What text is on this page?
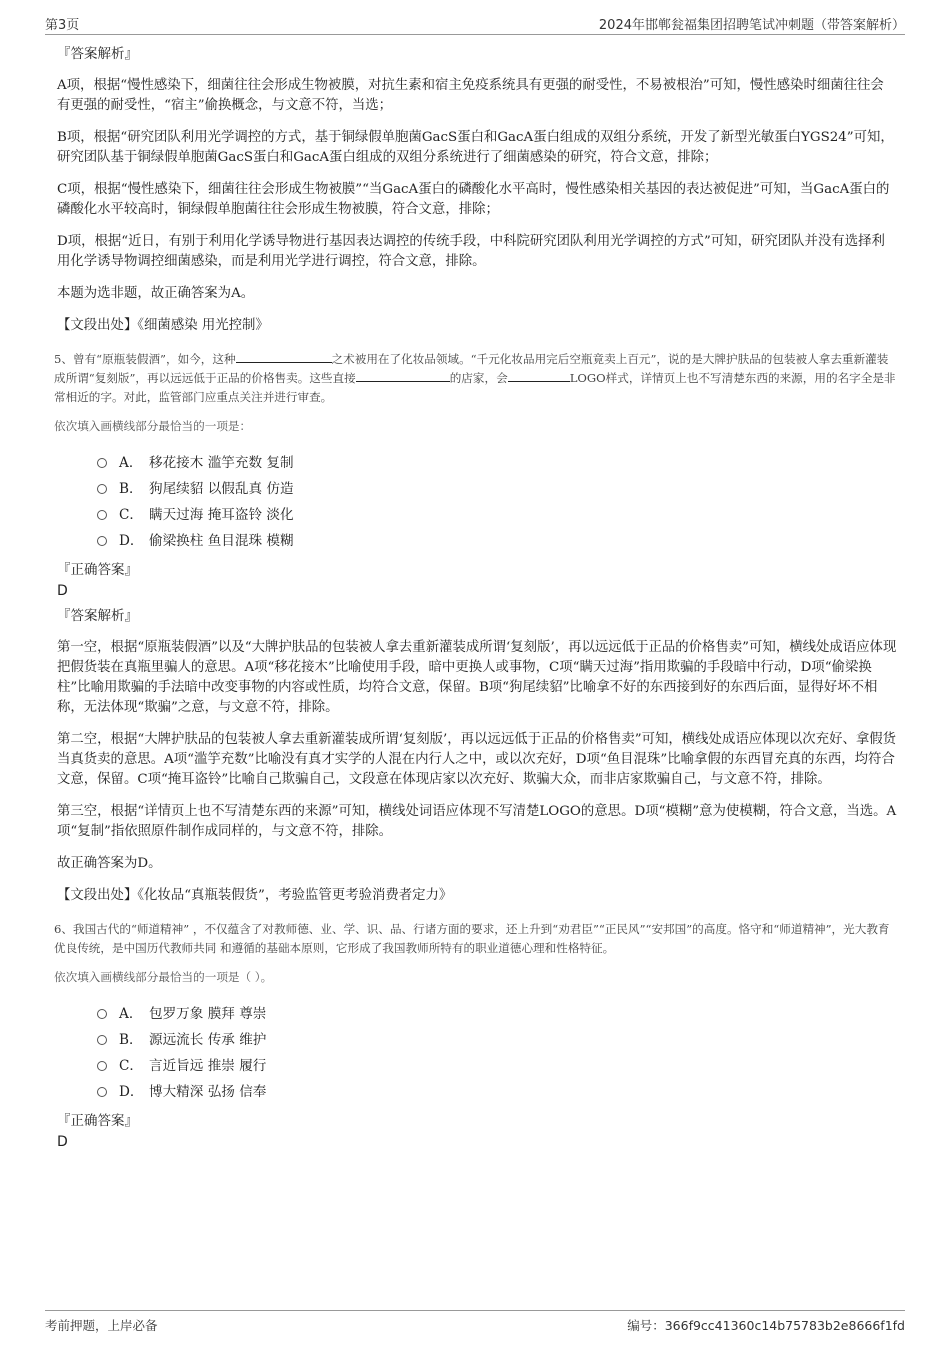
第3页	2024年邯郸瓮福集团招聘笔试冲刺题（带答案解析）
『答案解析』

A项，根据“慢性感染下，细菌往往会形成生物被膜，对抗生素和宿主免疫系统具有更强的耐受性，不易被根治”可知，慢性感染时细菌往往会有更强的耐受性，“宿主”偷换概念，与文意不符，当选；

B项，根据“研究团队利用光学调控的方式，基于铜绿假单胞菌GacS蛋白和GacA蛋白组成的双组分系统，开发了新型光敏蛋白YGS24”可知，研究团队基于铜绿假单胞菌GacS蛋白和GacA蛋白组成的双组分系统进行了细菌感染的研究，符合文意，排除；

C项，根据“慢性感染下，细菌往往会形成生物被膜”“当GacA蛋白的磷酸化水平高时，慢性感染相关基因的表达被促进”可知，当GacA蛋白的磷酸化水平较高时，铜绿假单胞菌往往会形成生物被膜，符合文意，排除；

D项，根据“近日，有别于利用化学诱导物进行基因表达调控的传统手段，中科院研究团队利用光学调控的方式”可知，研究团队并没有选择利用化学诱导物调控细菌感染，而是利用光学进行调控，符合文意，排除。

本题为选非题，故正确答案为A。

【文段出处】《细菌感染 用光控制》

5、曾有“原瓶装假酒”，如今，这种	之术被用在了化妆品领域。“千元化妆品用完后空瓶竟卖上百元”，说的是大牌护肤品的包装被人拿去重新灌装成所谓“复刻版”，再以远远低于正品的价格售卖。这些直接	的店家，会	LOGO样式，详情页上也不写清楚东西的来源，用的名字全是非常相近的字。对此，监管部门应重点关注并进行审查。
依次填入画横线部分最恰当的一项是：
A． 移花接木 滥竽充数 复制
B． 狗尾续貂 以假乱真 仿造
C． 瞒天过海 掩耳盗铃 淡化
D． 偷梁换柱 鱼目混珠 模糊
『正确答案』
D
『答案解析』

第一空，根据“原瓶装假酒”以及“大牌护肤品的包装被人拿去重新灌装成所谓‘复刻版’，再以远远低于正品的价格售卖”可知，横线处成语应体现把假货装在真瓶里骗人的意思。A项“移花接木”比喻使用手段，暗中更换人或事物，C项“瞒天过海”指用欺骗的手段暗中行动，D项“偷梁换柱”比喻用欺骗的手法暗中改变事物的内容或性质，均符合文意，保留。B项“狗尾续貂”比喻拿不好的东西接到好的东西后面，显得好坏不相称，无法体现“欺骗”之意，与文意不符，排除。

第二空，根据“大牌护肤品的包装被人拿去重新灌装成所谓‘复刻版’，再以远远低于正品的价格售卖”可知，横线处成语应体现以次充好、拿假货当真货卖的意思。A项“滥竽充数”比喻没有真才实学的人混在内行人之中，或以次充好，D项“鱼目混珠”比喻拿假的东西冒充真的东西，均符合文意，保留。C项“掩耳盗铃”比喻自己欺骗自己，文段意在体现店家以次充好、欺骗大众，而非店家欺骗自己，与文意不符，排除。

第三空，根据“详情页上也不写清楚东西的来源”可知，横线处词语应体现不写清楚LOGO的意思。D项“模糊”意为使模糊，符合文意，当选。A项“复制”指依照原件制作成同样的，与文意不符，排除。

故正确答案为D。

【文段出处】《化妆品“真瓶装假货”，考验监管更考验消费者定力》

6、我国古代的“师道精神” ，不仅蕴含了对教师德、业、学、识、品、行诸方面的要求，还上升到“劝君臣”“正民风”“安邦国”的高度。恪守和“师道精神”，光大教育优良传统，是中国历代教师共同 和遵循的基础本原则，它形成了我国教师所特有的职业道德心理和性格特征。
依次填入画横线部分最恰当的一项是（ ）。
A． 包罗万象 膜拜 尊崇
B． 源远流长 传承 维护
C． 言近旨远 推崇 履行
D． 博大精深 弘扬 信奉
『正确答案』
D
考前押题，上岸必备	编号：366f9cc41360c14b75783b2e8666f1fd
